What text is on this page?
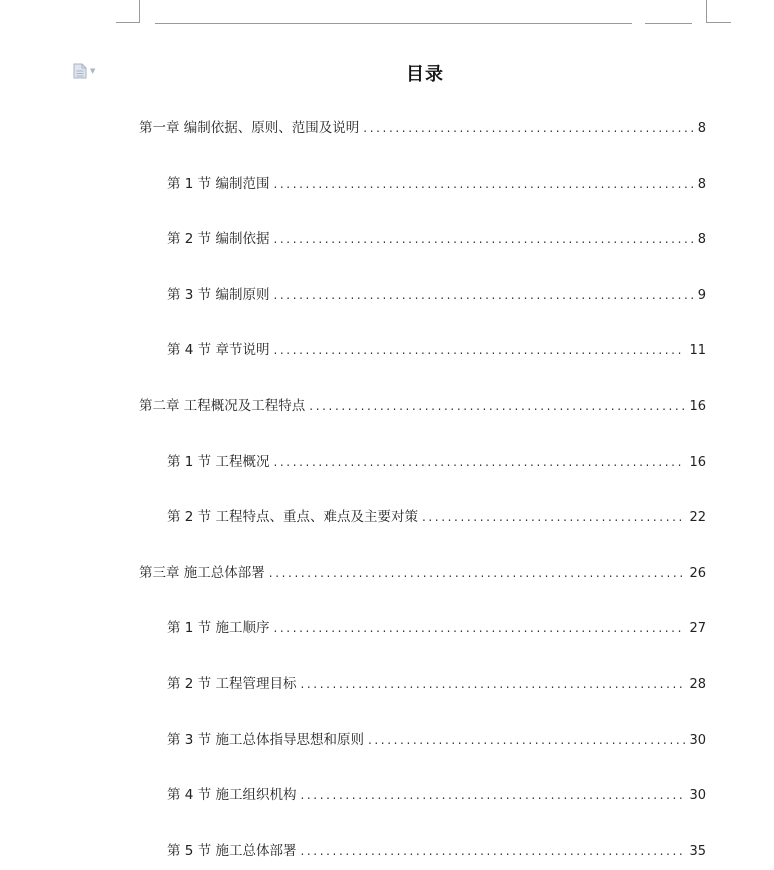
▼	目录
第一章 编制依据、原则、范围及说明 .....	8
第 1 节 编制范围 .....	8
第 2 节 编制依据 .....	8
第 3 节 编制原则 .....	9
第 4 节 章节说明 .....	11
第二章 工程概况及工程特点 .....	16
第 1 节 工程概况 .....	16
第 2 节 工程特点、重点、难点及主要对策 .....	22
第三章 施工总体部署 .....	26
第 1 节 施工顺序 .....	27
第 2 节 工程管理目标 .....	28
第 3 节 施工总体指导思想和原则 .....	30
第 4 节 施工组织机构 .....	30
第 5 节 施工总体部署 .....	35
